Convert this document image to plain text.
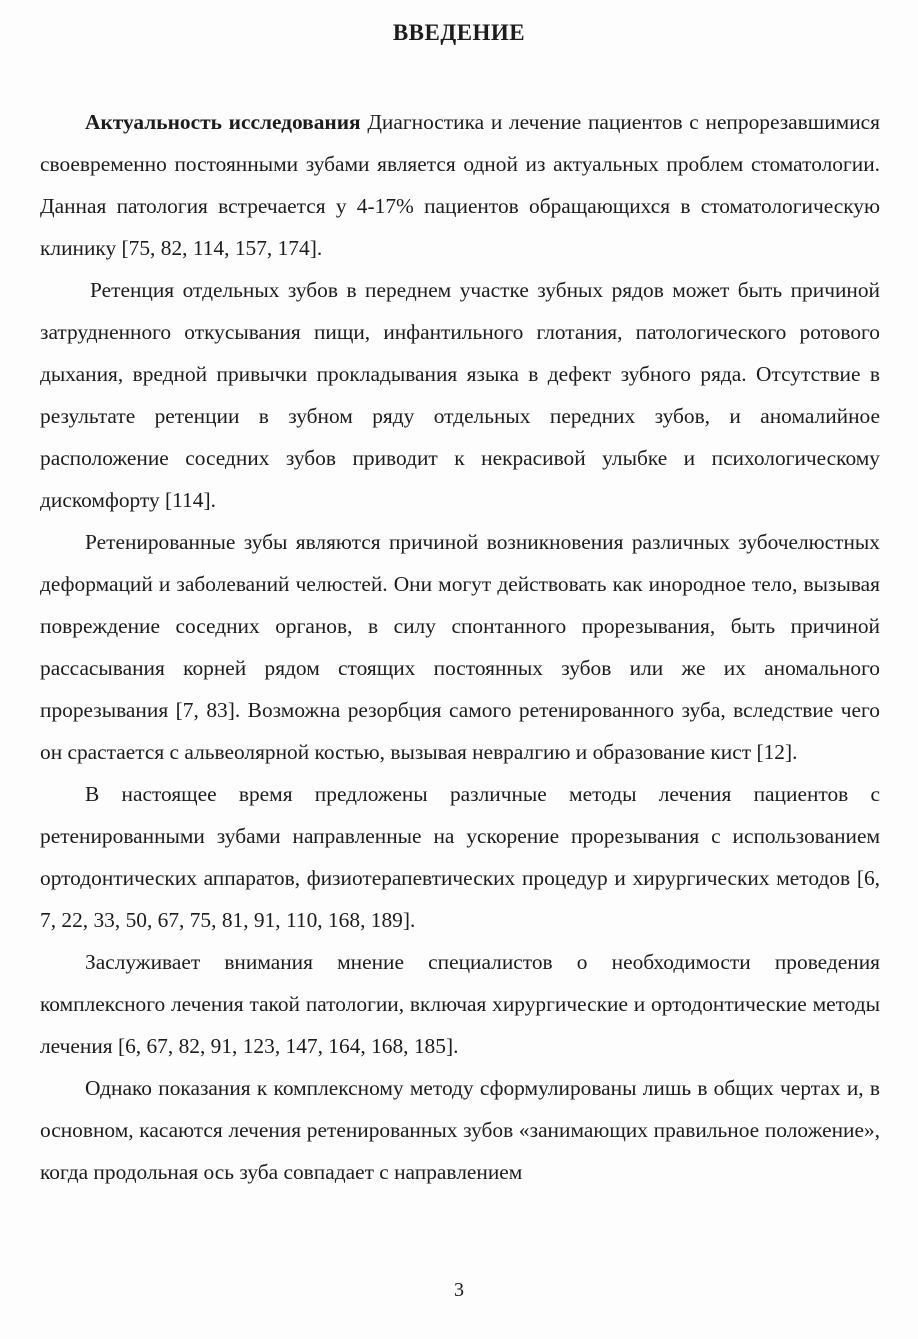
ВВЕДЕНИЕ

Актуальность исследования Диагностика и лечение пациентов с непрорезавшимися своевременно постоянными зубами является одной из актуальных проблем стоматологии. Данная патология встречается у 4-17% пациентов обращающихся в стоматологическую клинику [75, 82, 114, 157, 174].

Ретенция отдельных зубов в переднем участке зубных рядов может быть причиной затрудненного откусывания пищи, инфантильного глотания, патологического ротового дыхания, вредной привычки прокладывания языка в дефект зубного ряда. Отсутствие в результате ретенции в зубном ряду отдельных передних зубов, и аномалийное расположение соседних зубов приводит к некрасивой улыбке и психологическому дискомфорту [114].

Ретенированные зубы являются причиной возникновения различных зубочелюстных деформаций и заболеваний челюстей. Они могут действовать как инородное тело, вызывая повреждение соседних органов, в силу спонтанного прорезывания, быть причиной рассасывания корней рядом стоящих постоянных зубов или же их аномального прорезывания [7, 83]. Возможна резорбция самого ретенированного зуба, вследствие чего он срастается с альвеолярной костью, вызывая невралгию и образование кист [12].

В настоящее время предложены различные методы лечения пациентов с ретенированными зубами направленные на ускорение прорезывания с использованием ортодонтических аппаратов, физиотерапевтических процедур и хирургических методов [6, 7, 22, 33, 50, 67, 75, 81, 91, 110, 168, 189].

Заслуживает внимания мнение специалистов о необходимости проведения комплексного лечения такой патологии, включая хирургические и ортодонтические методы лечения [6, 67, 82, 91, 123, 147, 164, 168, 185].

Однако показания к комплексному методу сформулированы лишь в общих чертах и, в основном, касаются лечения ретенированных зубов «занимающих правильное положение», когда продольная ось зуба совпадает с направлением

3
